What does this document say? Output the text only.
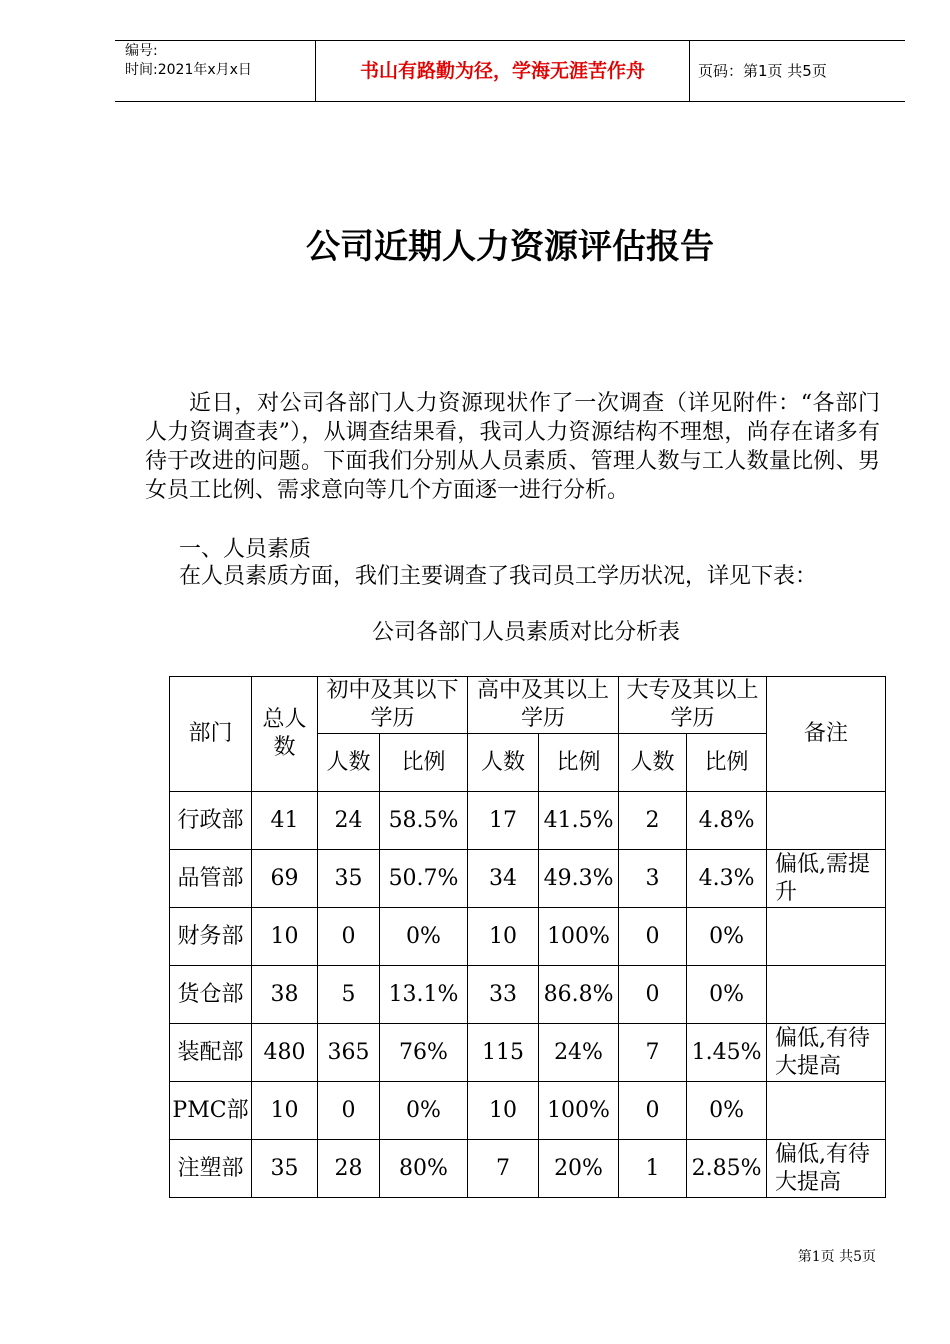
编号:
时间:2021年x月x日	书山有路勤为径，学海无涯苦作舟	页码：第1页 共5页
公司近期人力资源评估报告

近日，对公司各部门人力资源现状作了一次调查（详见附件：“各部门人力资调查表”），从调查结果看，我司人力资源结构不理想，尚存在诸多有待于改进的问题。下面我们分别从人员素质、管理人数与工人数量比例、男女员工比例、需求意向等几个方面逐一进行分析。

一、人员素质
在人员素质方面，我们主要调查了我司员工学历状况，详见下表：
公司各部门人员素质对比分析表
部门	总人数	初中及其以下学历		高中及其以上学历		大专及其以上学历		备注
		人数	比例	人数	比例	人数	比例	
行政部	41	24	58.5%	17	41.5%	2	4.8%	
品管部	69	35	50.7%	34	49.3%	3	4.3%	偏低,需提升
财务部	10	0	0%	10	100%	0	0%	
货仓部	38	5	13.1%	33	86.8%	0	0%	
装配部	480	365	76%	115	24%	7	1.45%	偏低,有待大提高
PMC部	10	0	0%	10	100%	0	0%	
注塑部	35	28	80%	7	20%	1	2.85%	偏低,有待大提高
第1页 共5页
